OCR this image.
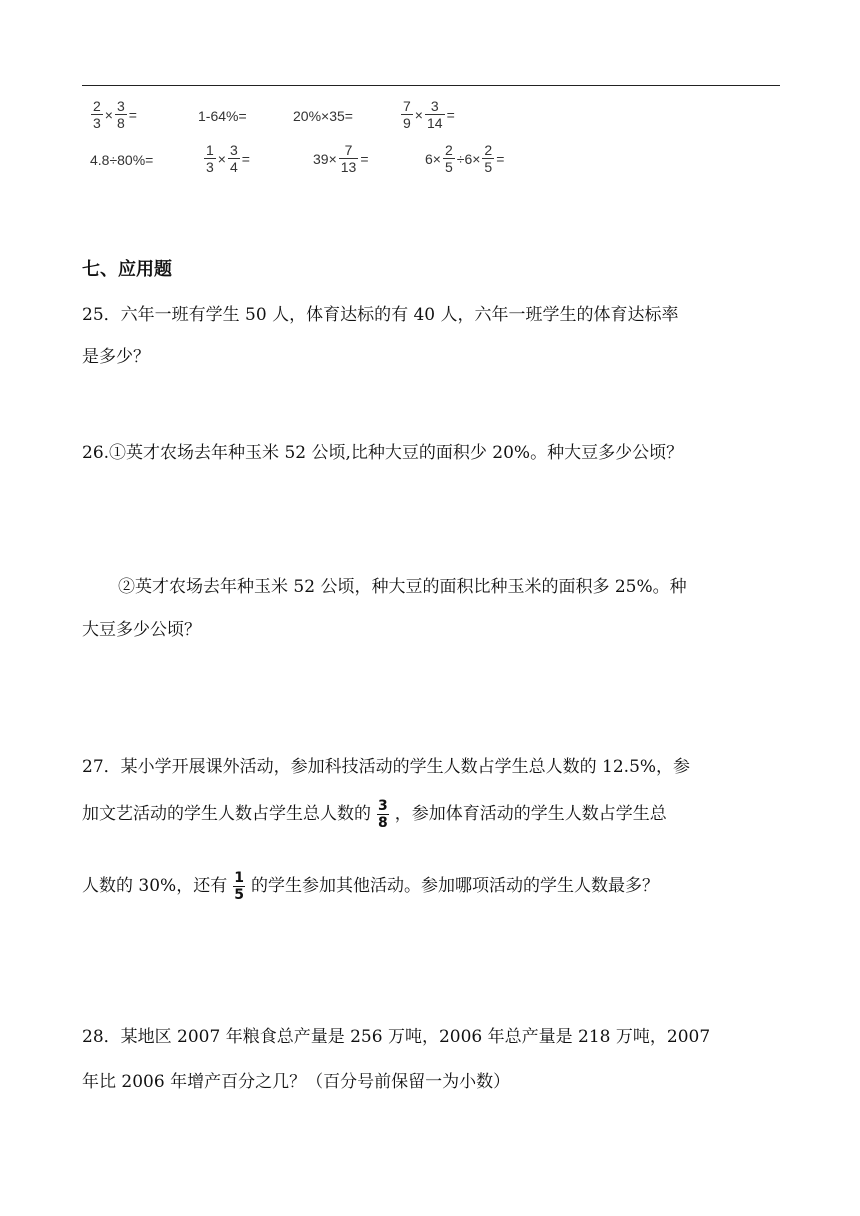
$\frac{2}{3} \times \frac{3}{8}$ =	1-64%=	20%×35=	$\frac{7}{9} \times \frac{3}{14}$ =
4.8÷80%=	$\frac{1}{3} \times \frac{3}{4}$ =	$39\times \frac{7}{13}$ =	$6\times \frac{2}{5} \div 6\times \frac{2}{5}$ =
七、应用题
25．六年一班有学生 50 人，体育达标的有 40 人，六年一班学生的体育达标率
是多少？
26.①英才农场去年种玉米 52 公顷,比种大豆的面积少 20%。种大豆多少公顷？
②英才农场去年种玉米 52 公顷，种大豆的面积比种玉米的面积多 25%。种
大豆多少公顷？
27．某小学开展课外活动，参加科技活动的学生人数占学生总人数的 12.5%，参
加文艺活动的学生人数占学生总人数的 $\frac{3}{8}$ ，参加体育活动的学生人数占学生总
人数的 30%，还有 $\frac{1}{5}$ 的学生参加其他活动。参加哪项活动的学生人数最多？
28．某地区 2007 年粮食总产量是 256 万吨，2006 年总产量是 218 万吨，2007
年比 2006 年增产百分之几？（百分号前保留一为小数）
